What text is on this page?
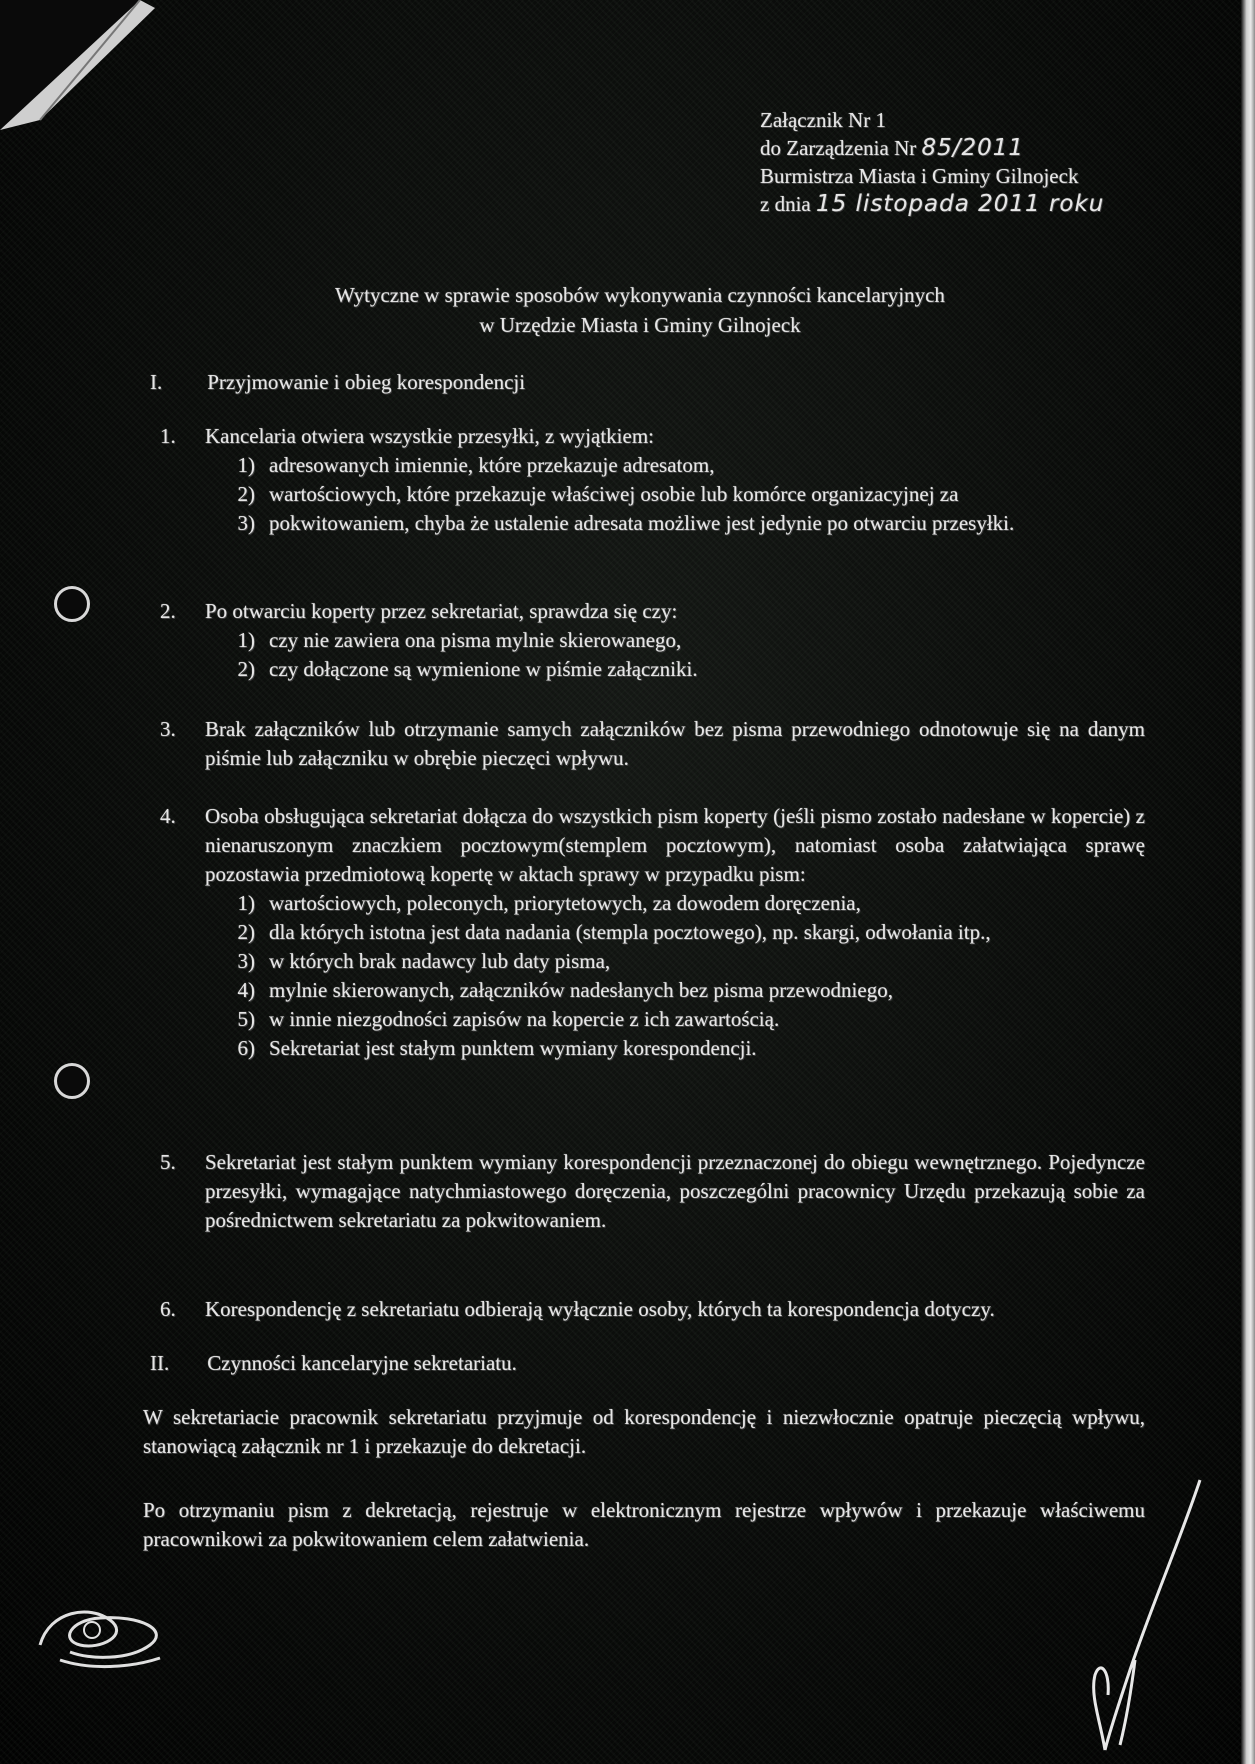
Załącznik Nr 1
do Zarządzenia Nr 85/2011
Burmistrza Miasta i Gminy Gilnojeck
z dnia 15 listopada 2011 roku
Wytyczne w sprawie sposobów wykonywania czynności kancelaryjnych
w Urzędzie Miasta i Gminy Gilnojeck
I. Przyjmowanie i obieg korespondencji
1. Kancelaria otwiera wszystkie przesyłki, z wyjątkiem:
1) adresowanych imiennie, które przekazuje adresatom,
2) wartościowych, które przekazuje właściwej osobie lub komórce organizacyjnej za
3) pokwitowaniem, chyba że ustalenie adresata możliwe jest jedynie po otwarciu przesyłki.
2. Po otwarciu koperty przez sekretariat, sprawdza się czy:
1) czy nie zawiera ona pisma mylnie skierowanego,
2) czy dołączone są wymienione w piśmie załączniki.
3. Brak załączników lub otrzymanie samych załączników bez pisma przewodniego odnotowuje się na danym piśmie lub załączniku w obrębie pieczęci wpływu.
4. Osoba obsługująca sekretariat dołącza do wszystkich pism koperty (jeśli pismo zostało nadesłane w kopercie) z nienaruszonym znaczkiem pocztowym(stemplem pocztowym), natomiast osoba załatwiająca sprawę pozostawia przedmiotową kopertę w aktach sprawy w przypadku pism:
1) wartościowych, poleconych, priorytetowych, za dowodem doręczenia,
2) dla których istotna jest data nadania (stempla pocztowego), np. skargi, odwołania itp.,
3) w których brak nadawcy lub daty pisma,
4) mylnie skierowanych, załączników nadesłanych bez pisma przewodniego,
5) w innie niezgodności zapisów na kopercie z ich zawartością.
6) Sekretariat jest stałym punktem wymiany korespondencji.
5. Sekretariat jest stałym punktem wymiany korespondencji przeznaczonej do obiegu wewnętrznego. Pojedyncze przesyłki, wymagające natychmiastowego doręczenia, poszczególni pracownicy Urzędu przekazują sobie za pośrednictwem sekretariatu za pokwitowaniem.
6. Korespondencję z sekretariatu odbierają wyłącznie osoby, których ta korespondencja dotyczy.
II. Czynności kancelaryjne sekretariatu.
W sekretariacie pracownik sekretariatu przyjmuje od korespondencję i niezwłocznie opatruje pieczęcią wpływu, stanowiącą załącznik nr 1 i przekazuje do dekretacji.
Po otrzymaniu pism z dekretacją, rejestruje w elektronicznym rejestrze wpływów i przekazuje właściwemu pracownikowi za pokwitowaniem celem załatwienia.
